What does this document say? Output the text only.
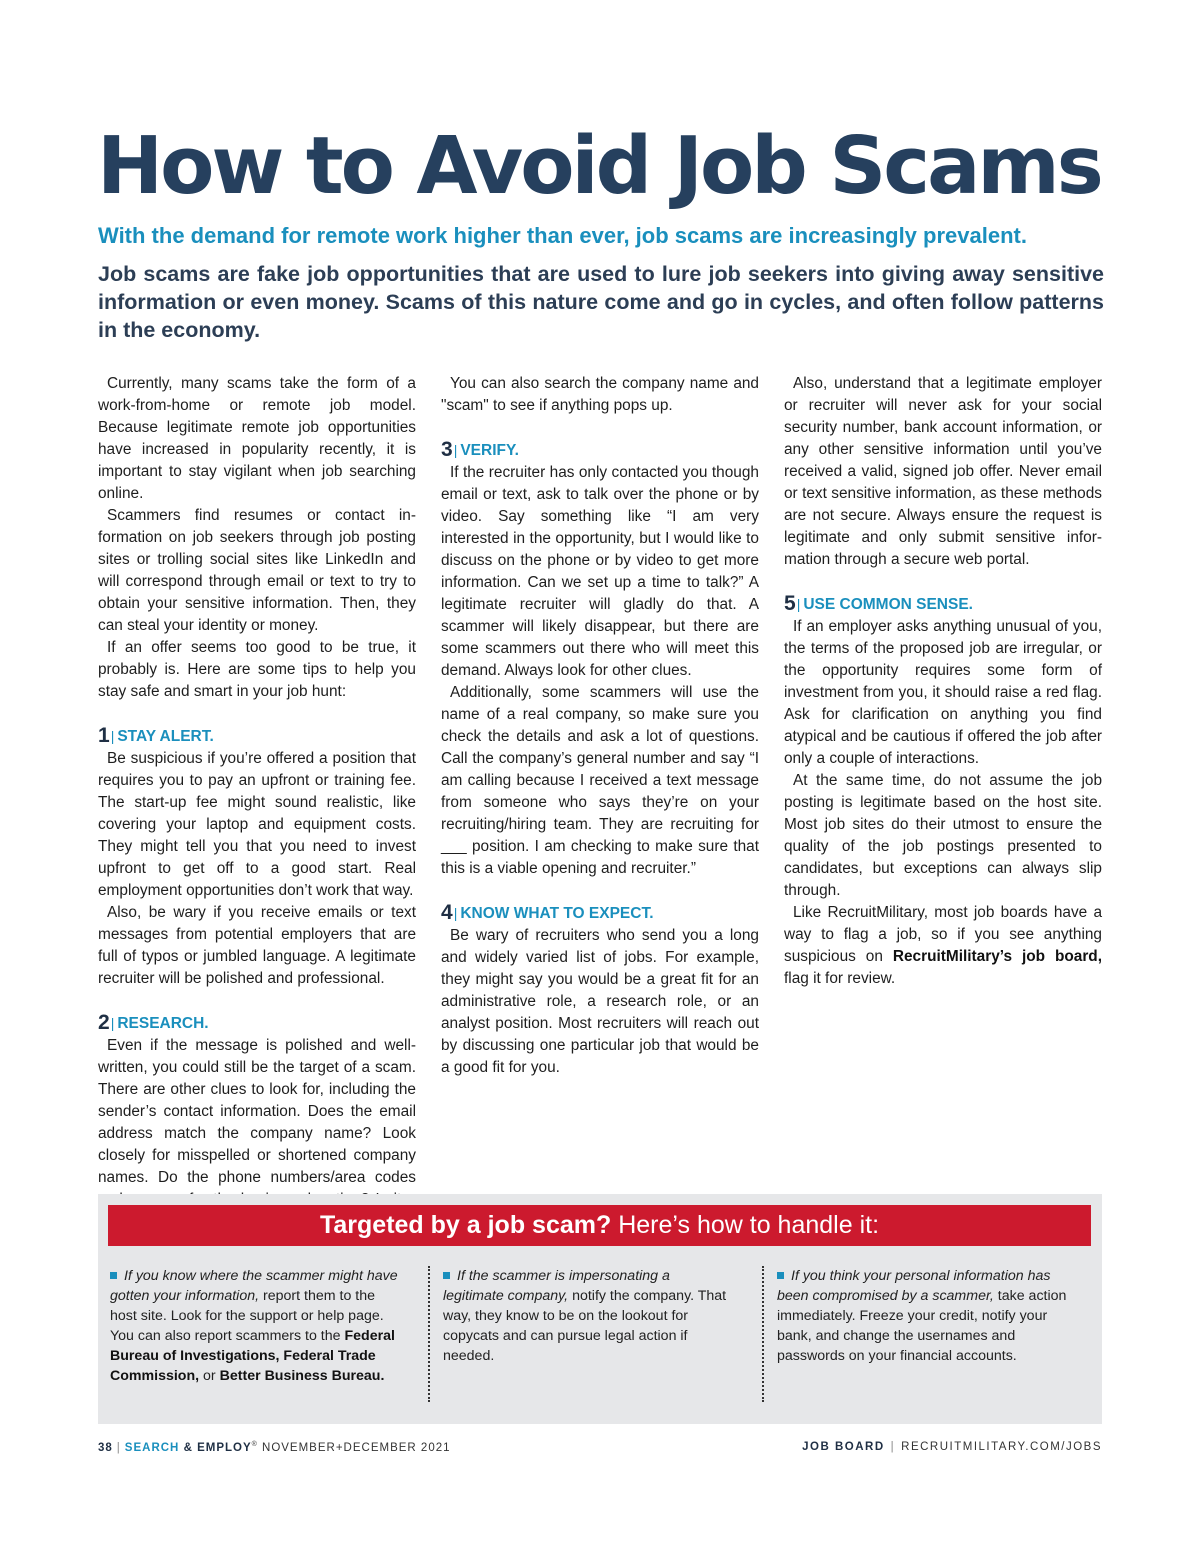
How to Avoid Job Scams
With the demand for remote work higher than ever, job scams are increasingly prevalent.
Job scams are fake job opportunities that are used to lure job seekers into giving away sensitive information or even money. Scams of this nature come and go in cycles, and often follow patterns in the economy.

Currently, many scams take the form of a work-from-home or remote job model. Because legitimate remote job opportunities have increased in popularity recently, it is important to stay vigilant when job searching online.

Scammers find resumes or contact information on job seekers through job posting sites or trolling social sites like LinkedIn and will correspond through email or text to try to obtain your sensitive information. Then, they can steal your identity or money.

If an offer seems too good to be true, it probably is. Here are some tips to help you stay safe and smart in your job hunt:

1| STAY ALERT.

Be suspicious if you’re offered a position that requires you to pay an upfront or training fee. The start-up fee might sound realistic, like covering your laptop and equipment costs. They might tell you that you need to invest upfront to get off to a good start. Real employment opportunities don’t work that way.

Also, be wary if you receive emails or text messages from potential employers that are full of typos or jumbled language. A legitimate recruiter will be polished and professional.

2| RESEARCH.

Even if the message is polished and well-written, you could still be the target of a scam. There are other clues to look for, including the sender’s contact information. Does the email address match the company name? Look closely for misspelled or shortened company names. Do the phone numbers/area codes

You can also search the company name and "scam" to see if anything pops up.

3| VERIFY.

If the recruiter has only contacted you though email or text, ask to talk over the phone or by video. Say something like “I am very interested in the opportunity, but I would like to discuss on the phone or by video to get more information. Can we set up a time to talk?” A legitimate recruiter will gladly do that. A scammer will likely disappear, but there are some scammers out there who will meet this demand. Always look for other clues.

Additionally, some scammers will use the name of a real company, so make sure you check the details and ask a lot of questions. Call the company’s general number and say “I am calling because I received a text message from someone who says they’re on your recruiting/hiring team. They are recruiting for ___ position. I am checking to make sure that this is a viable opening and recruiter.”

4| KNOW WHAT TO EXPECT.

Be wary of recruiters who send you a long and widely varied list of jobs. For example, they might say you would be a great fit for an administrative role, a research role, or an analyst position. Most recruiters will reach out by discussing one particular job that would be a good fit for you.

Also, understand that a legitimate employer or recruiter will never ask for your social security number, bank account information, or any other sensitive information until you’ve received a valid, signed job offer. Never email or text sensitive information, as these methods are not secure. Always ensure the request is legitimate and only submit sensitive information through a secure web portal.

5| USE COMMON SENSE.

If an employer asks anything unusual of you, the terms of the proposed job are irregular, or the opportunity requires some form of investment from you, it should raise a red flag. Ask for clarification on anything you find atypical and be cautious if offered the job after only a couple of interactions.

At the same time, do not assume the job posting is legitimate based on the host site. Most job sites do their utmost to ensure the quality of the job postings presented to candidates, but exceptions can always slip through.

Like RecruitMilitary, most job boards have a way to flag a job, so if you see anything suspicious on RecruitMilitary’s job board, flag it for review.

Targeted by a job scam? Here’s how to handle it:
If you know where the scammer might have gotten your information, report them to the host site. Look for the support or help page. You can also report scammers to the Federal Bureau of Investigations, Federal Trade Commission, or Better Business Bureau.
If the scammer is impersonating a legitimate company, notify the company. That way, they know to be on the lookout for copycats and can pursue legal action if needed.
If you think your personal information has been compromised by a scammer, take action immediately. Freeze your credit, notify your bank, and change the usernames and passwords on your financial accounts.
38 | SEARCH & EMPLOY® NOVEMBER+DECEMBER 2021	JOB BOARD | RECRUITMILITARY.COM/JOBS
